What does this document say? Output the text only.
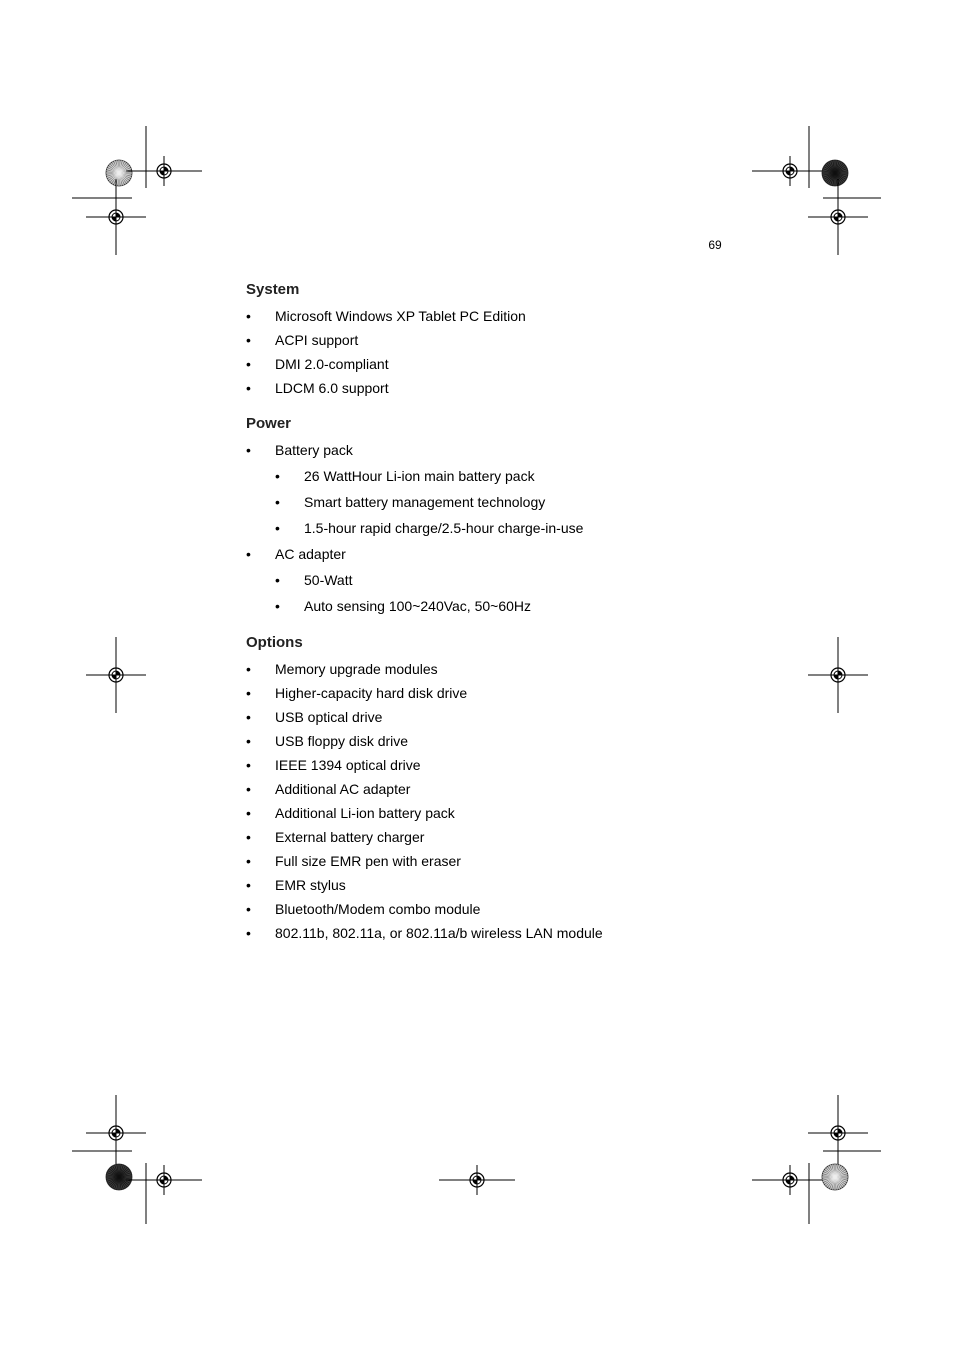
69
System
•	Microsoft Windows XP Tablet PC Edition
•	ACPI support
•	DMI 2.0-compliant
•	LDCM 6.0 support
Power
•	Battery pack
•	26 WattHour Li-ion main battery pack
•	Smart battery management technology
•	1.5-hour rapid charge/2.5-hour charge-in-use
•	AC adapter
•	50-Watt
•	Auto sensing 100~240Vac, 50~60Hz
Options
•	Memory upgrade modules
•	Higher-capacity hard disk drive
•	USB optical drive
•	USB floppy disk drive
•	IEEE 1394 optical drive
•	Additional AC adapter
•	Additional Li-ion battery pack
•	External battery charger
•	Full size EMR pen with eraser
•	EMR stylus
•	Bluetooth/Modem combo module
•	802.11b, 802.11a, or 802.11a/b wireless LAN module
